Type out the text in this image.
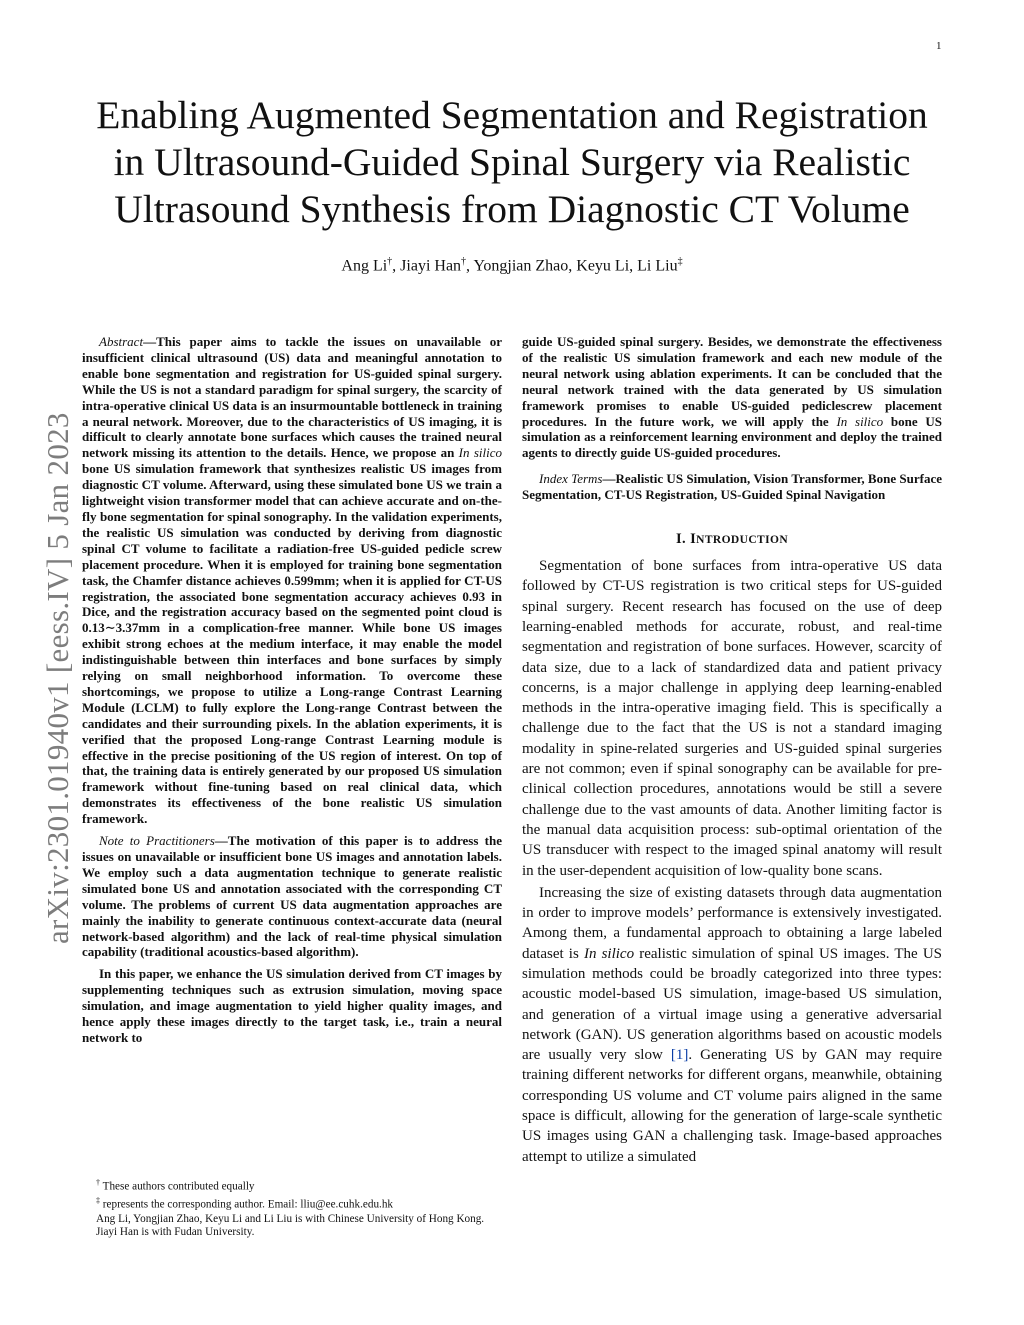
1
arXiv:2301.01940v1 [eess.IV] 5 Jan 2023
Enabling Augmented Segmentation and Registration
in Ultrasound-Guided Spinal Surgery via Realistic
Ultrasound Synthesis from Diagnostic CT Volume
Ang Li†, Jiayi Han†, Yongjian Zhao, Keyu Li, Li Liu‡

Abstract—This paper aims to tackle the issues on unavailable or insufficient clinical ultrasound (US) data and meaningful annotation to enable bone segmentation and registration for US-guided spinal surgery. While the US is not a standard paradigm for spinal surgery, the scarcity of intra-operative clinical US data is an insurmountable bottleneck in training a neural network. Moreover, due to the characteristics of US imaging, it is difficult to clearly annotate bone surfaces which causes the trained neural network missing its attention to the details. Hence, we propose an In silico bone US simulation framework that synthesizes realistic US images from diagnostic CT volume. Afterward, using these simulated bone US we train a lightweight vision transformer model that can achieve accurate and on-the-fly bone segmentation for spinal sonography. In the validation experiments, the realistic US simulation was conducted by deriving from diagnostic spinal CT volume to facilitate a radiation-free US-guided pedicle screw placement procedure. When it is employed for training bone segmentation task, the Chamfer distance achieves 0.599mm; when it is applied for CT-US registration, the associated bone segmentation accuracy achieves 0.93 in Dice, and the registration accuracy based on the segmented point cloud is 0.13∼3.37mm in a complication-free manner. While bone US images exhibit strong echoes at the medium interface, it may enable the model indistinguishable between thin interfaces and bone surfaces by simply relying on small neighborhood information. To overcome these shortcomings, we propose to utilize a Long-range Contrast Learning Module (LCLM) to fully explore the Long-range Contrast between the candidates and their surrounding pixels. In the ablation experiments, it is verified that the proposed Long-range Contrast Learning module is effective in the precise positioning of the US region of interest. On top of that, the training data is entirely generated by our proposed US simulation framework without fine-tuning based on real clinical data, which demonstrates its effectiveness of the bone realistic US simulation framework.

Note to Practitioners—The motivation of this paper is to address the issues on unavailable or insufficient bone US images and annotation labels. We employ such a data augmentation technique to generate realistic simulated bone US and annotation associated with the corresponding CT volume. The problems of current US data augmentation approaches are mainly the inability to generate continuous context-accurate data (neural network-based algorithm) and the lack of real-time physical simulation capability (traditional acoustics-based algorithm).

In this paper, we enhance the US simulation derived from CT images by supplementing techniques such as extrusion simulation, moving space simulation, and image augmentation to yield higher quality images, and hence apply these images directly to the target task, i.e., train a neural network to

† These authors contributed equally
‡ represents the corresponding author. Email: lliu@ee.cuhk.edu.hk
Ang Li, Yongjian Zhao, Keyu Li and Li Liu is with Chinese University of Hong Kong.
Jiayi Han is with Fudan University.

guide US-guided spinal surgery. Besides, we demonstrate the effectiveness of the realistic US simulation framework and each new module of the neural network using ablation experiments. It can be concluded that the neural network trained with the data generated by US simulation framework promises to enable US-guided pediclescrew placement procedures. In the future work, we will apply the In silico bone US simulation as a reinforcement learning environment and deploy the trained agents to directly guide US-guided procedures.

Index Terms—Realistic US Simulation, Vision Transformer, Bone Surface Segmentation, CT-US Registration, US-Guided Spinal Navigation

I. INTRODUCTION

Segmentation of bone surfaces from intra-operative US data followed by CT-US registration is two critical steps for US-guided spinal surgery. Recent research has focused on the use of deep learning-enabled methods for accurate, robust, and real-time segmentation and registration of bone surfaces. However, scarcity of data size, due to a lack of standardized data and patient privacy concerns, is a major challenge in applying deep learning-enabled methods in the intra-operative imaging field. This is specifically a challenge due to the fact that the US is not a standard imaging modality in spine-related surgeries and US-guided spinal surgeries are not common; even if spinal sonography can be available for pre-clinical collection procedures, annotations would be still a severe challenge due to the vast amounts of data. Another limiting factor is the manual data acquisition process: sub-optimal orientation of the US transducer with respect to the imaged spinal anatomy will result in the user-dependent acquisition of low-quality bone scans.

Increasing the size of existing datasets through data augmentation in order to improve models’ performance is extensively investigated. Among them, a fundamental approach to obtaining a large labeled dataset is In silico realistic simulation of spinal US images. The US simulation methods could be broadly categorized into three types: acoustic model-based US simulation, image-based US simulation, and generation of a virtual image using a generative adversarial network (GAN). US generation algorithms based on acoustic models are usually very slow [1]. Generating US by GAN may require training different networks for different organs, meanwhile, obtaining corresponding US volume and CT volume pairs aligned in the same space is difficult, allowing for the generation of large-scale synthetic US images using GAN a challenging task. Image-based approaches attempt to utilize a simulated
